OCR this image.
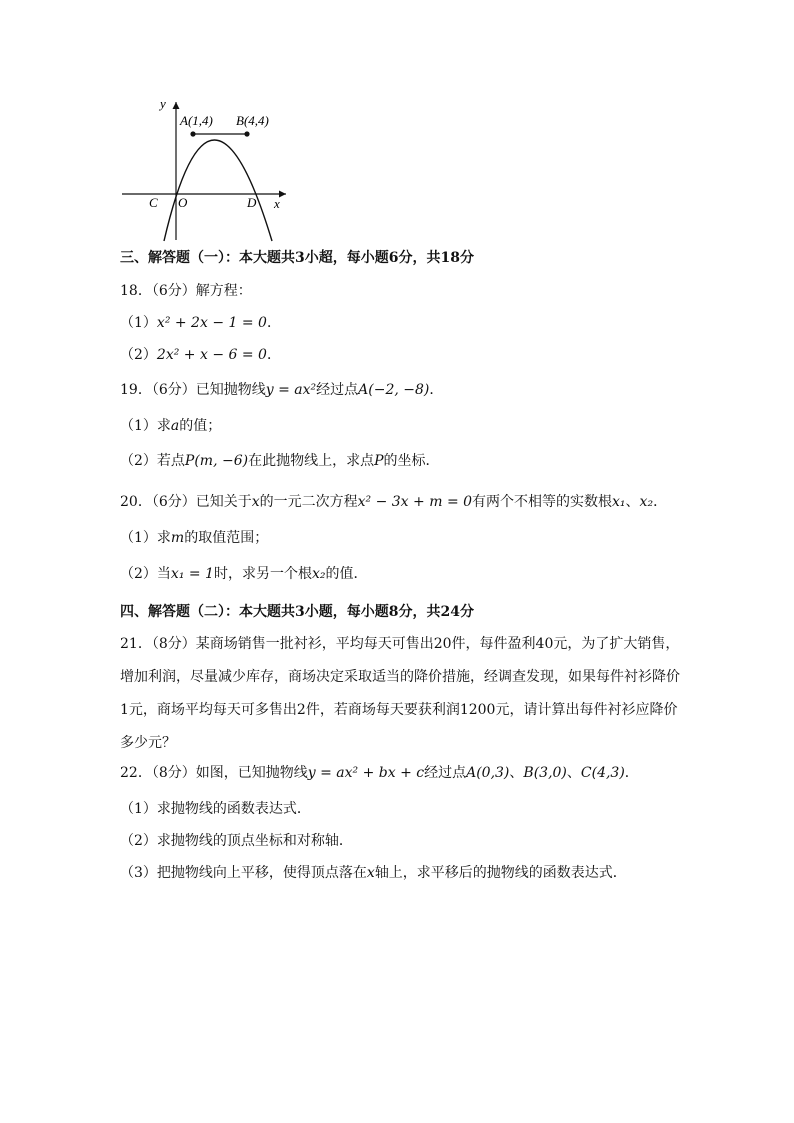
y
x
A(1,4) B(4,4)
C O	D
三、解答题（一）：本大题共3小超，每小题6分，共18分
18．（6分）解方程：
（1）x² + 2x − 1 = 0．
（2）2x² + x − 6 = 0．
19．（6分）已知抛物线y = ax²经过点A(−2, −8)．
（1）求a的值；
（2）若点P(m, −6)在此抛物线上，求点P的坐标．
20．（6分）已知关于x的一元二次方程x² − 3x + m = 0有两个不相等的实数根x₁、x₂．
（1）求m的取值范围；
（2）当x₁ = 1时，求另一个根x₂的值．
四、解答题（二）：本大题共3小题，每小题8分，共24分
21．（8分）某商场销售一批衬衫，平均每天可售出20件，每件盈利40元，为了扩大销售，增加利润，尽量减少库存，商场决定采取适当的降价措施，经调查发现，如果每件衬衫降价1元，商场平均每天可多售出2件，若商场每天要获利润1200元，请计算出每件衬衫应降价多少元？
22．（8分）如图，已知抛物线y = ax² + bx + c经过点A(0,3)、B(3,0)、C(4,3)．
（1）求抛物线的函数表达式．
（2）求抛物线的顶点坐标和对称轴．
（3）把抛物线向上平移，使得顶点落在x轴上，求平移后的抛物线的函数表达式．
